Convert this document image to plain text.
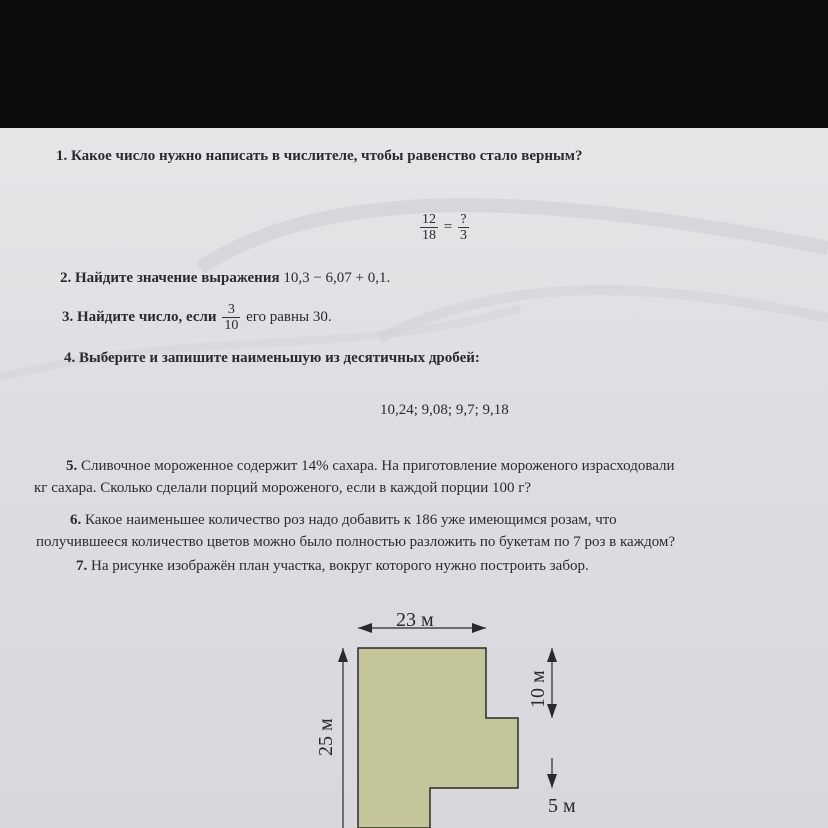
1. Какое число нужно написать в числителе, чтобы равенство стало верным?
$\frac{12}{18} = \frac{?}{3}$
2. Найдите значение выражения 10,3 − 6,07 + 0,1.
3. Найдите число, если $\frac{3}{10}$ его равны 30.
4. Выберите и запишите наименьшую из десятичных дробей:
10,24; 9,08; 9,7; 9,18
5. Сливочное мороженное содержит 14% сахара. На приготовление мороженого израсходовали
кг сахара. Сколько сделали порций мороженого, если в каждой порции 100 г?
6. Какое наименьшее количество роз надо добавить к 186 уже имеющимся розам, что
получившееся количество цветов можно было полностью разложить по букетам по 7 роз в каждом?
7. На рисунке изображён план участка, вокруг которого нужно построить забор.
23 м
25 м
10 м
5 м
